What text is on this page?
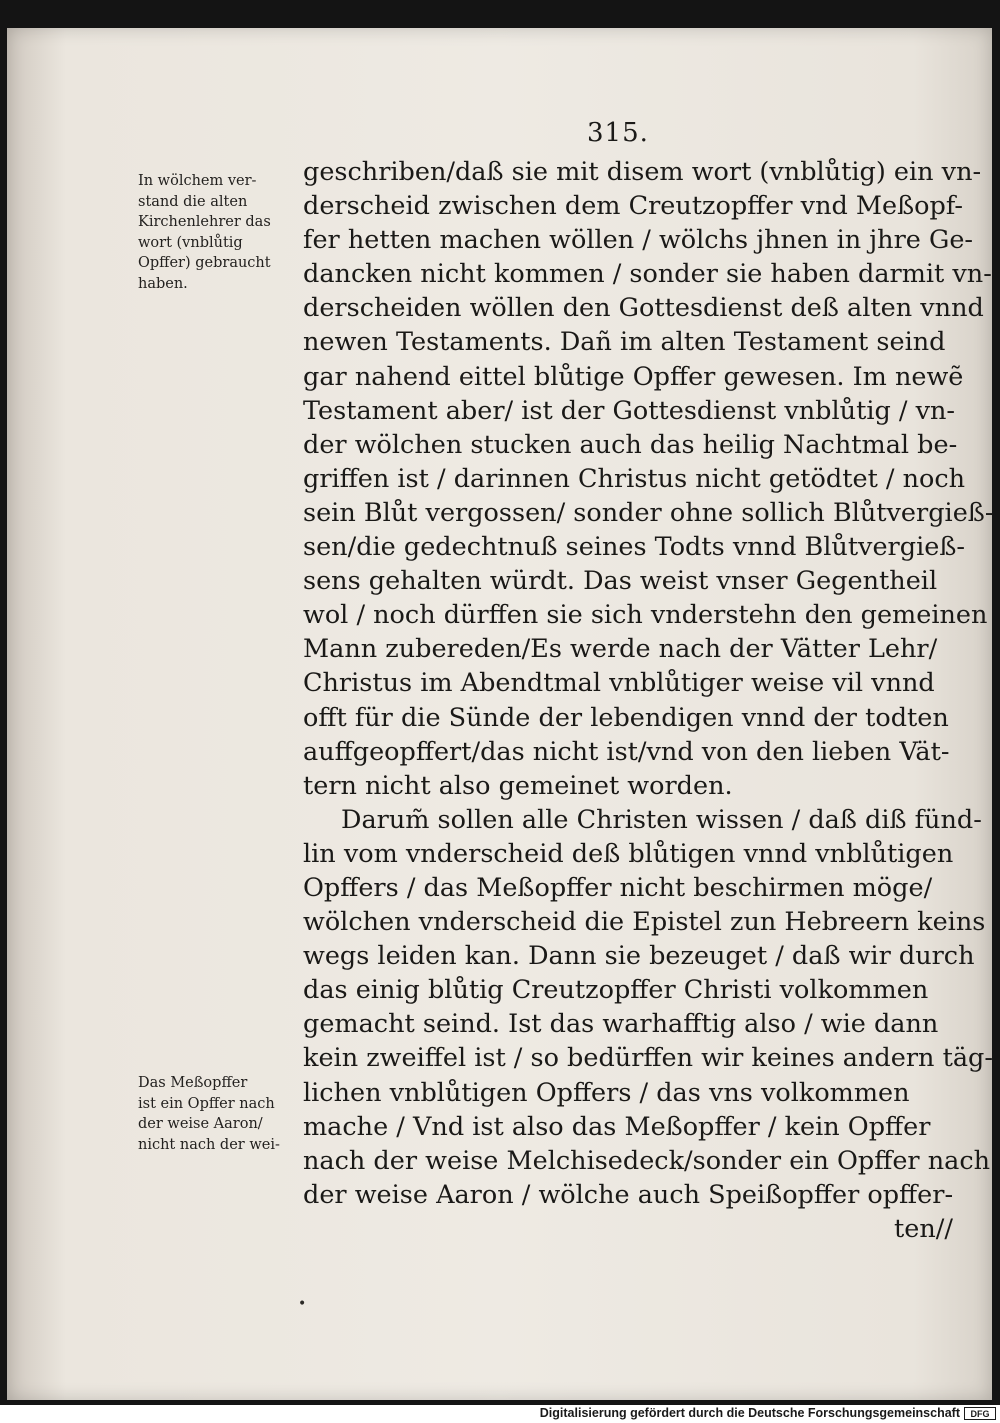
315.
In wölchem ver-
stand die alten
Kirchenlehrer das
wort (vnblůtig
Opffer) gebraucht
haben.
Das Meßopffer
ist ein Opffer nach
der weise Aaron/
nicht nach der wei-
geschriben/daß sie mit disem wort (vnblůtig) ein vn-
derscheid zwischen dem Creutzopffer vnd Meßopf-
fer hetten machen wöllen / wölchs jhnen in jhre Ge-
dancken nicht kommen / sonder sie haben darmit vn-
derscheiden wöllen den Gottesdienst deß alten vnnd
newen Testaments. Dañ im alten Testament seind
gar nahend eittel blůtige Opffer gewesen. Im newẽ
Testament aber/ ist der Gottesdienst vnblůtig / vn-
der wölchen stucken auch das heilig Nachtmal be-
griffen ist / darinnen Christus nicht getödtet / noch
sein Blůt vergossen/ sonder ohne sollich Blůtvergieß-
sen/die gedechtnuß seines Todts vnnd Blůtvergieß-
sens gehalten würdt. Das weist vnser Gegentheil
wol / noch dürffen sie sich vnderstehn den gemeinen
Mann zubereden/Es werde nach der Vätter Lehr/
Christus im Abendtmal vnblůtiger weise vil vnnd
offt für die Sünde der lebendigen vnnd der todten
auffgeopffert/das nicht ist/vnd von den lieben Vät-
tern nicht also gemeinet worden.
Darum̃ sollen alle Christen wissen / daß diß fünd-
lin vom vnderscheid deß blůtigen vnnd vnblůtigen
Opffers / das Meßopffer nicht beschirmen möge/
wölchen vnderscheid die Epistel zun Hebreern keins
wegs leiden kan. Dann sie bezeuget / daß wir durch
das einig blůtig Creutzopffer Christi volkommen
gemacht seind. Ist das warhafftig also / wie dann
kein zweiffel ist / so bedürffen wir keines andern täg-
lichen vnblůtigen Opffers / das vns volkommen
mache / Vnd ist also das Meßopffer / kein Opffer
nach der weise Melchisedeck/sonder ein Opffer nach
der weise Aaron / wölche auch Speißopffer opffer-
ten//
•
Digitalisierung gefördert durch die Deutsche Forschungsgemeinschaft	DFG
